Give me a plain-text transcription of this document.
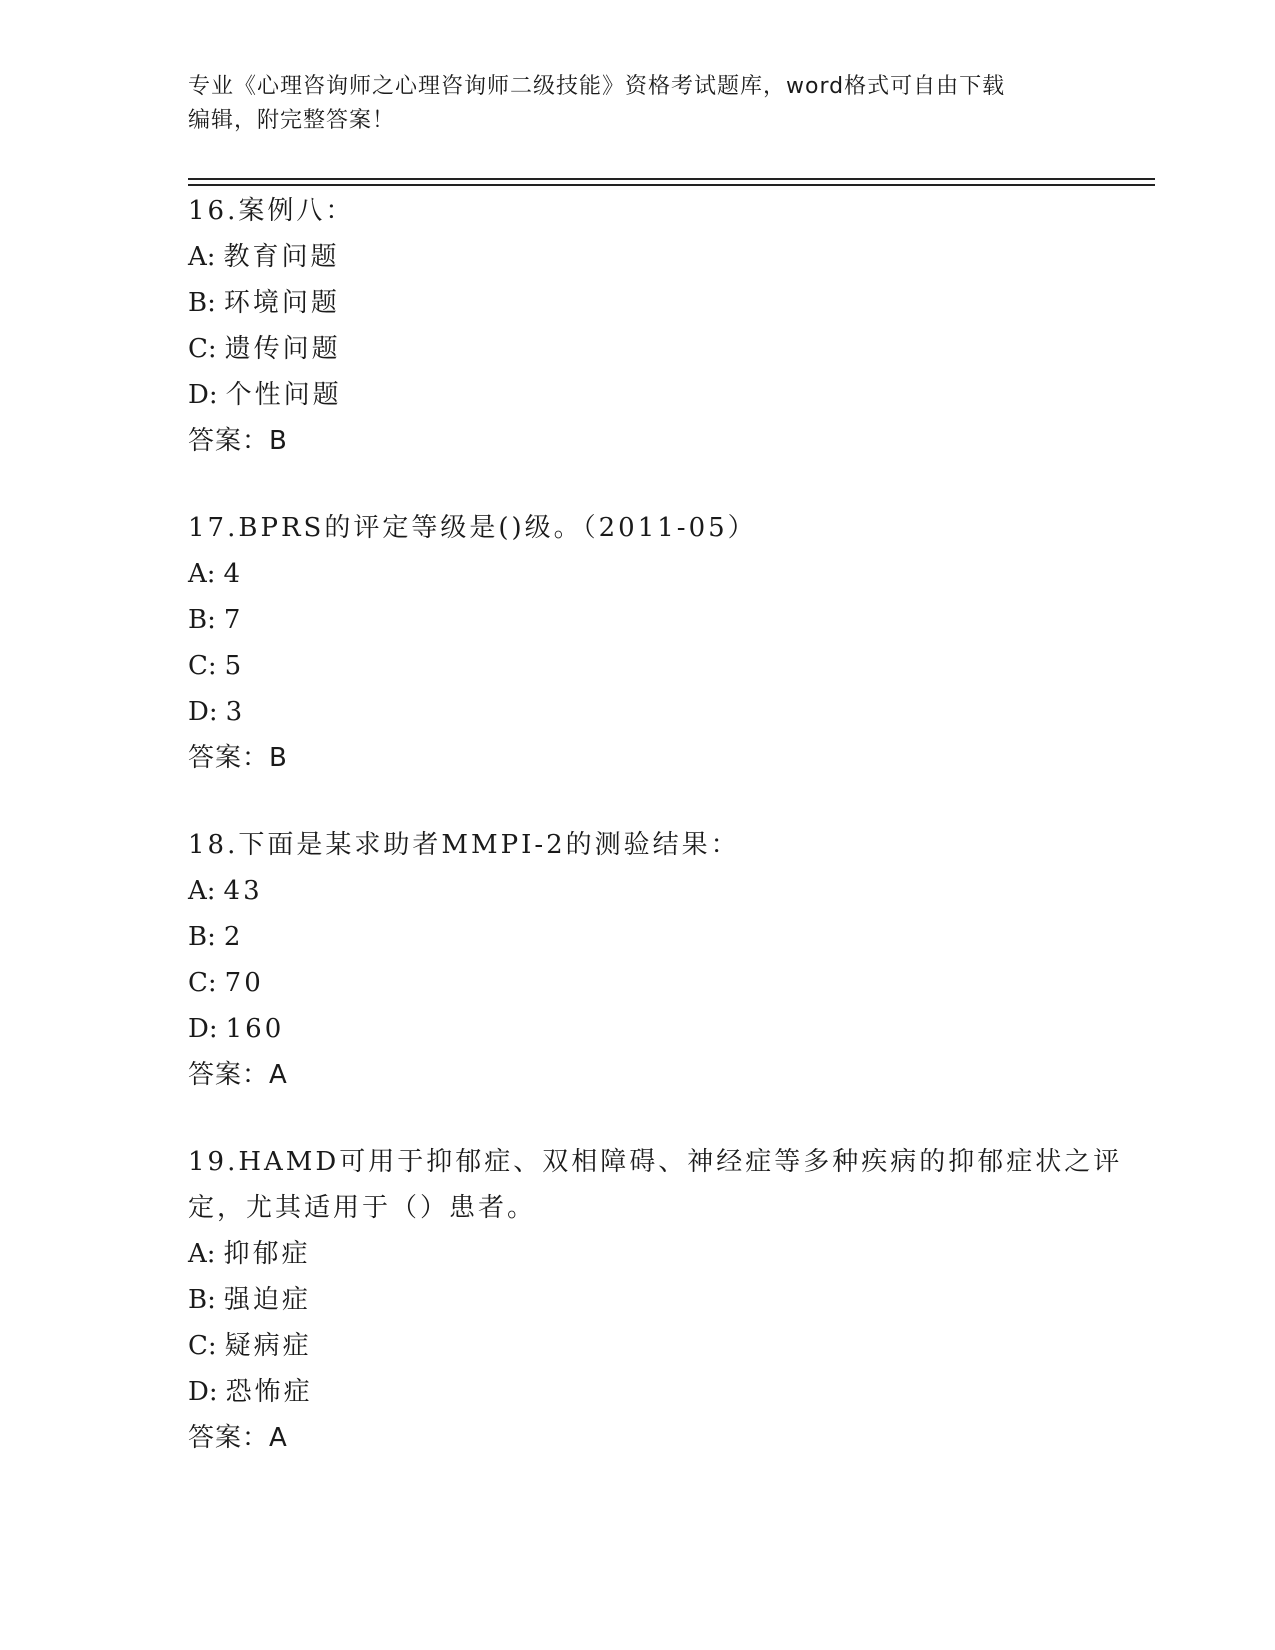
专业《心理咨询师之心理咨询师二级技能》资格考试题库，word格式可自由下载
编辑，附完整答案！
16.案例八：
A: 教育问题
B: 环境问题
C: 遗传问题
D: 个性问题
答案：B
17.BPRS的评定等级是()级。（2011-05）
A: 4
B: 7
C: 5
D: 3
答案：B
18.下面是某求助者MMPI-2的测验结果：
A: 43
B: 2
C: 70
D: 160
答案：A
19.HAMD可用于抑郁症、双相障碍、神经症等多种疾病的抑郁症状之评定，尤其适用于（）患者。
A: 抑郁症
B: 强迫症
C: 疑病症
D: 恐怖症
答案：A
